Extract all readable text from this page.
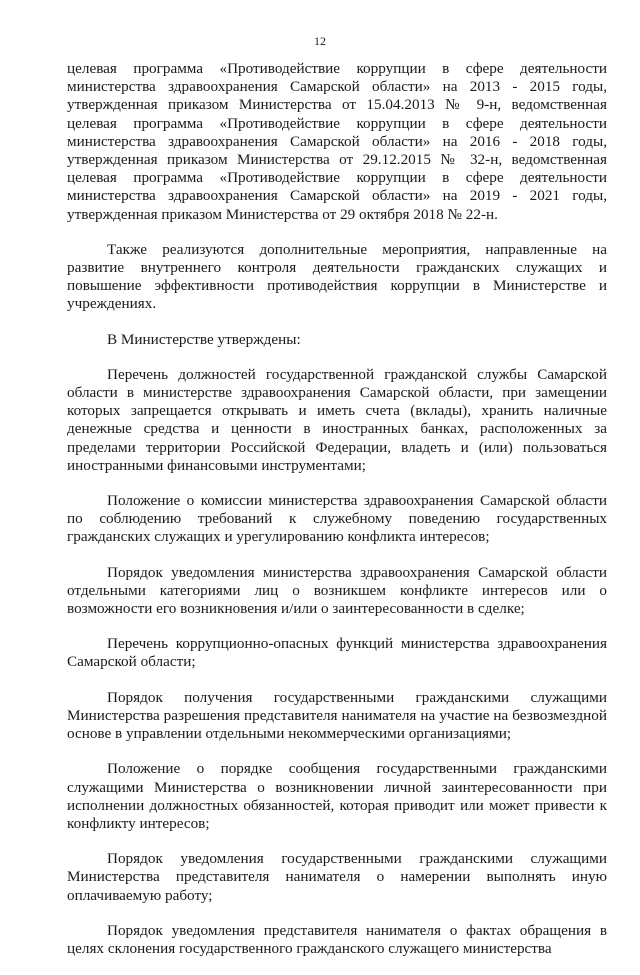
12

целевая программа «Противодействие коррупции в сфере деятельности министерства здравоохранения Самарской области» на 2013 - 2015 годы, утвержденная приказом Министерства от 15.04.2013 № 9-н, ведомственная целевая программа «Противодействие коррупции в сфере деятельности министерства здравоохранения Самарской области» на 2016 - 2018 годы, утвержденная приказом Министерства от 29.12.2015 № 32-н, ведомственная целевая программа «Противодействие коррупции в сфере деятельности министерства здравоохранения Самарской области» на 2019 - 2021 годы, утвержденная приказом Министерства от 29 октября 2018 № 22-н.

Также реализуются дополнительные мероприятия, направленные на развитие внутреннего контроля деятельности гражданских служащих и повышение эффективности противодействия коррупции в Министерстве и учреждениях.

В Министерстве утверждены:

Перечень должностей государственной гражданской службы Самарской области в министерстве здравоохранения Самарской области, при замещении которых запрещается открывать и иметь счета (вклады), хранить наличные денежные средства и ценности в иностранных банках, расположенных за пределами территории Российской Федерации, владеть и (или) пользоваться иностранными финансовыми инструментами;

Положение о комиссии министерства здравоохранения Самарской области по соблюдению требований к служебному поведению государственных гражданских служащих и урегулированию конфликта интересов;

Порядок уведомления министерства здравоохранения Самарской области отдельными категориями лиц о возникшем конфликте интересов или о возможности его возникновения и/или о заинтересованности в сделке;

Перечень коррупционно-опасных функций министерства здравоохранения Самарской области;

Порядок получения государственными гражданскими служащими Министерства разрешения представителя нанимателя на участие на безвозмездной основе в управлении отдельными некоммерческими организациями;

Положение о порядке сообщения государственными гражданскими служащими Министерства о возникновении личной заинтересованности при исполнении должностных обязанностей, которая приводит или может привести к конфликту интересов;

Порядок уведомления государственными гражданскими служащими Министерства представителя нанимателя о намерении выполнять иную оплачиваемую работу;

Порядок уведомления представителя нанимателя о фактах обращения в целях склонения государственного гражданского служащего министерства
